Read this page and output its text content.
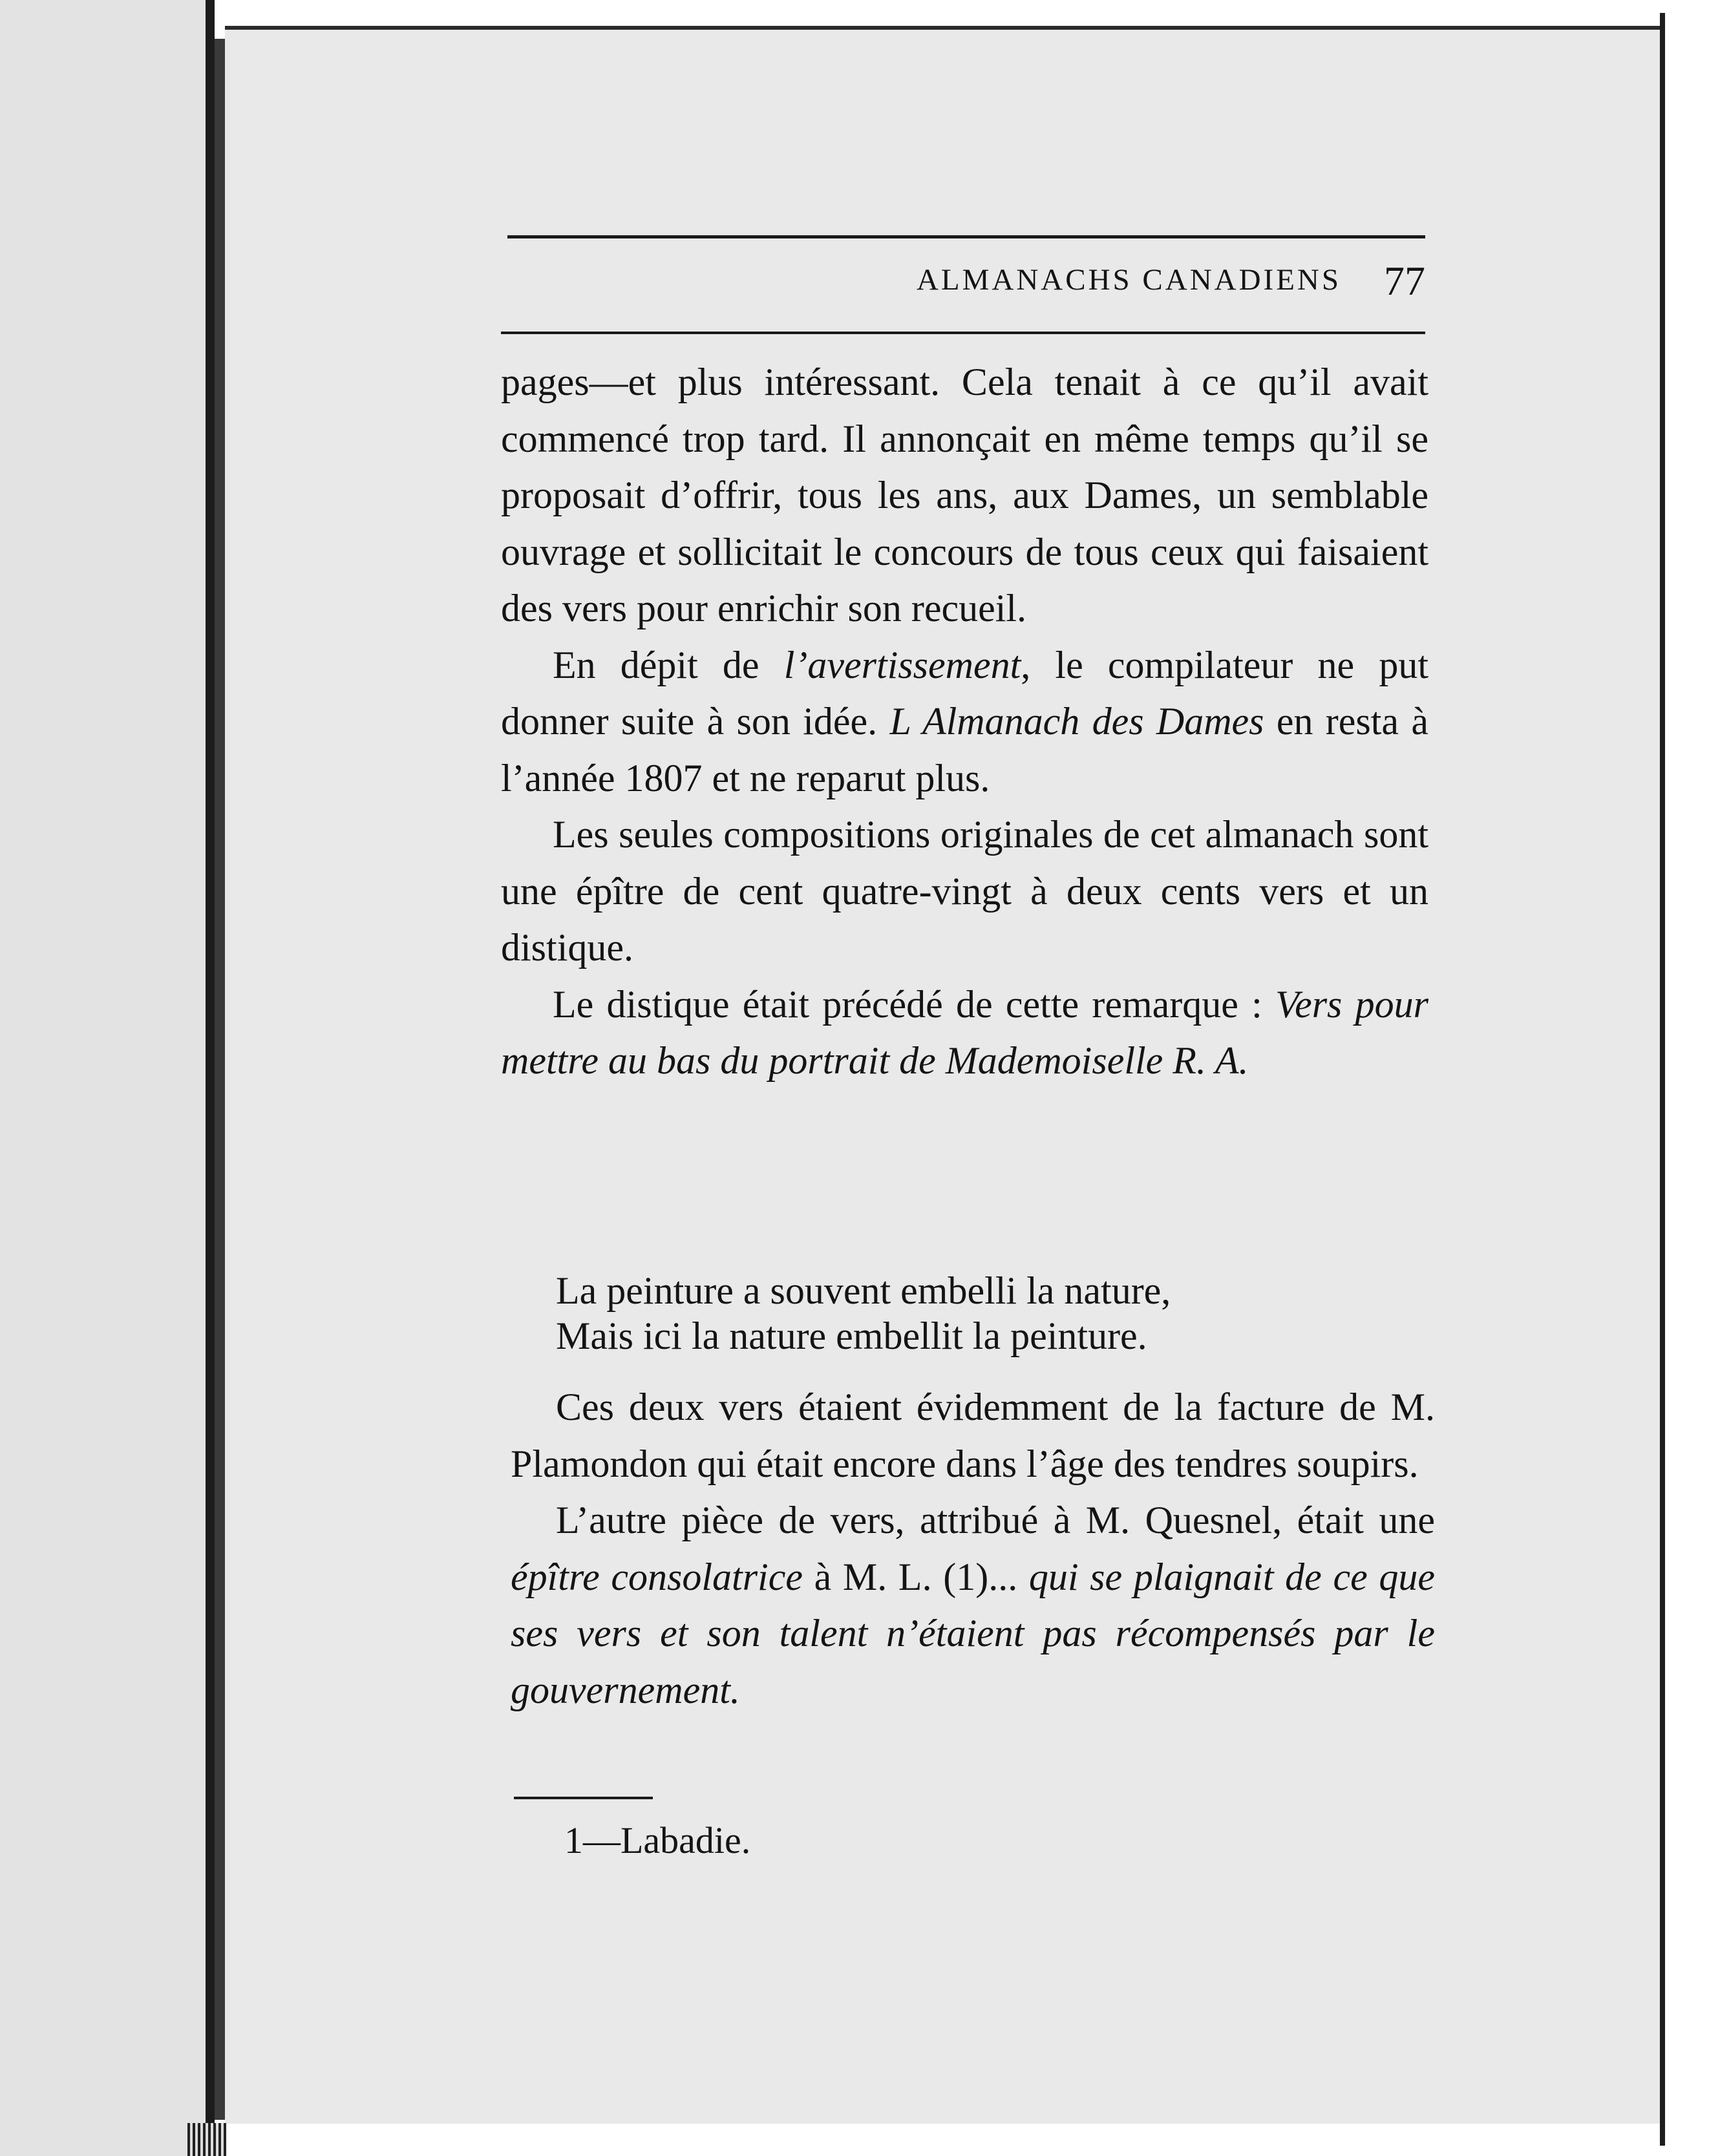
ALMANACHS CANADIENS 77

pages—et plus intéressant. Cela tenait à ce qu’il avait commencé trop tard. Il annonçait en même temps qu’il se proposait d’offrir, tous les ans, aux Dames, un semblable ouvrage et sollicitait le concours de tous ceux qui faisaient des vers pour enrichir son recueil.

En dépit de l’avertissement, le compilateur ne put donner suite à son idée. L Almanach des Dames en resta à l’année 1807 et ne reparut plus.

Les seules compositions originales de cet almanach sont une épître de cent quatre-vingt à deux cents vers et un distique.

Le distique était précédé de cette remarque : Vers pour mettre au bas du portrait de Mademoiselle R. A.

La peinture a souvent embelli la nature,
Mais ici la nature embellit la peinture.

Ces deux vers étaient évidemment de la facture de M. Plamondon qui était encore dans l’âge des tendres soupirs.

L’autre pièce de vers, attribué à M. Quesnel, était une épître consolatrice à M. L. (1)... qui se plaignait de ce que ses vers et son talent n’étaient pas récompensés par le gouvernement.

1—Labadie.
